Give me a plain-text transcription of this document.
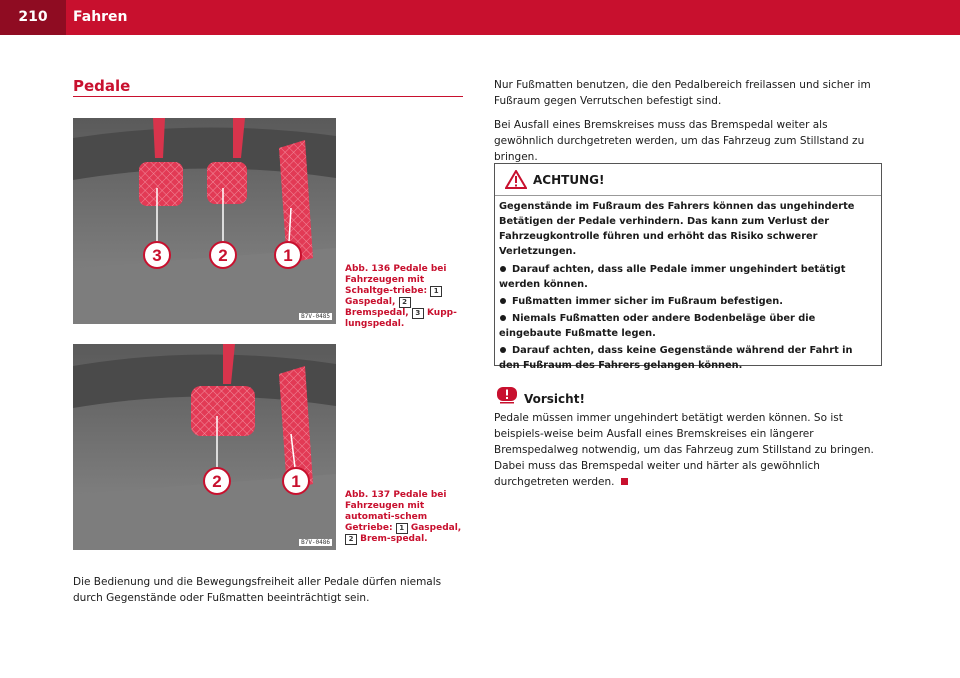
210	Fahren
Pedale
3	2	1
B7V-0485
Abb. 136 Pedale bei Fahrzeugen mit Schaltge-triebe: 1 Gaspedal, 2 Bremspedal, 3 Kupp-lungspedal.
2	1
B7V-0486
Abb. 137 Pedale bei Fahrzeugen mit automati-schem Getriebe: 1 Gaspedal, 2 Brem-spedal.
Die Bedienung und die Bewegungsfreiheit aller Pedale dürfen niemals durch Gegenstände oder Fußmatten beeinträchtigt sein.

Nur Fußmatten benutzen, die den Pedalbereich freilassen und sicher im Fußraum gegen Verrutschen befestigt sind.

Bei Ausfall eines Bremskreises muss das Bremspedal weiter als gewöhnlich durchgetreten werden, um das Fahrzeug zum Stillstand zu bringen.

ACHTUNG!
Gegenstände im Fußraum des Fahrers können das ungehinderte Betätigen der Pedale verhindern. Das kann zum Verlust der Fahrzeugkontrolle führen und erhöht das Risiko schwerer Verletzungen.
Darauf achten, dass alle Pedale immer ungehindert betätigt werden können.
Fußmatten immer sicher im Fußraum befestigen.
Niemals Fußmatten oder andere Bodenbeläge über die eingebaute Fußmatte legen.
Darauf achten, dass keine Gegenstände während der Fahrt in den Fußraum des Fahrers gelangen können.
Vorsicht!
Pedale müssen immer ungehindert betätigt werden können. So ist beispiels-weise beim Ausfall eines Bremskreises ein längerer Bremspedalweg notwendig, um das Fahrzeug zum Stillstand zu bringen. Dabei muss das Bremspedal weiter und härter als gewöhnlich durchgetreten werden.
